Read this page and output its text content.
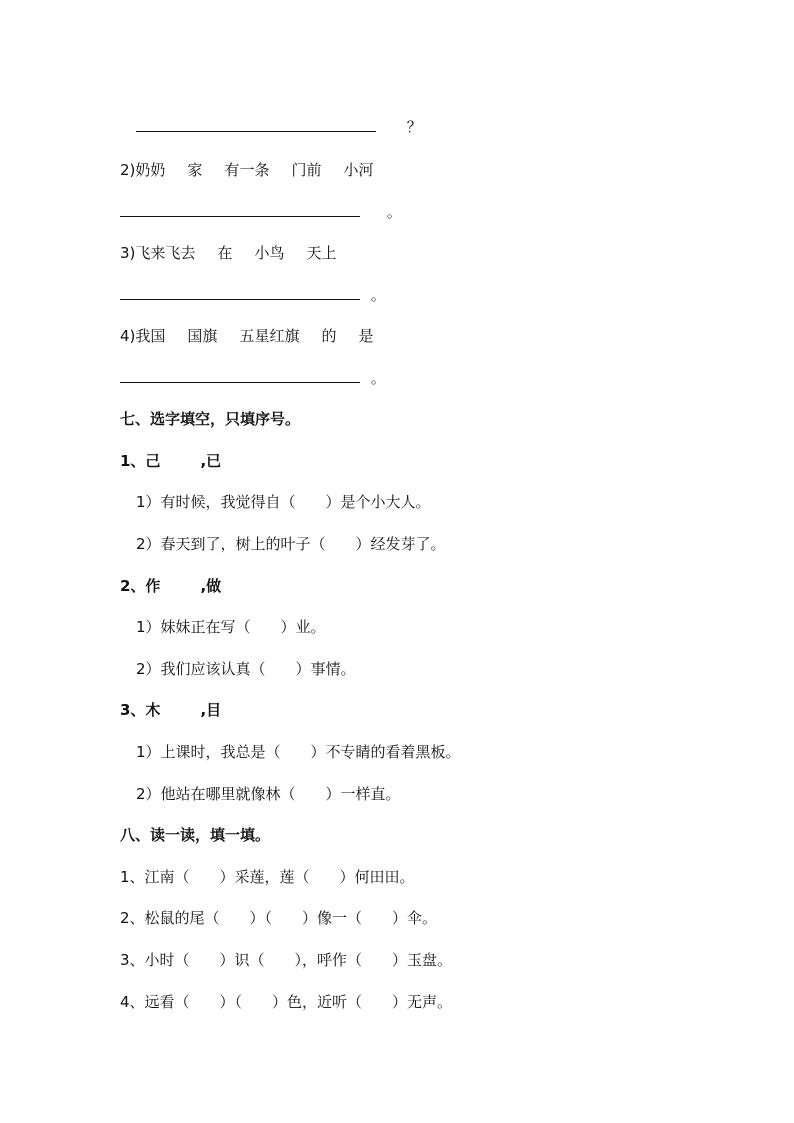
？
2)奶奶 家 有一条 门前 小河
。
3)飞来飞去 在 小鸟 天上
。
4)我国 国旗 五星红旗 的 是
。
七、选字填空，只填序号。
1、己	,已
1）有时候，我觉得自（　　）是个小大人。
2）春天到了，树上的叶子（　　）经发芽了。
2、作	,做
1）妹妹正在写（　　）业。
2）我们应该认真（　　）事情。
3、木	,目
1）上课时，我总是（　　）不专睛的看着黑板。
2）他站在哪里就像林（　　）一样直。
八、读一读，填一填。
1、江南（　　）采莲，莲（　　）何田田。
2、松鼠的尾（　　）（　　）像一（　　）伞。
3、小时（　　）识（　　），呼作（　　）玉盘。
4、远看（　　）（　　）色，近听（　　）无声。
